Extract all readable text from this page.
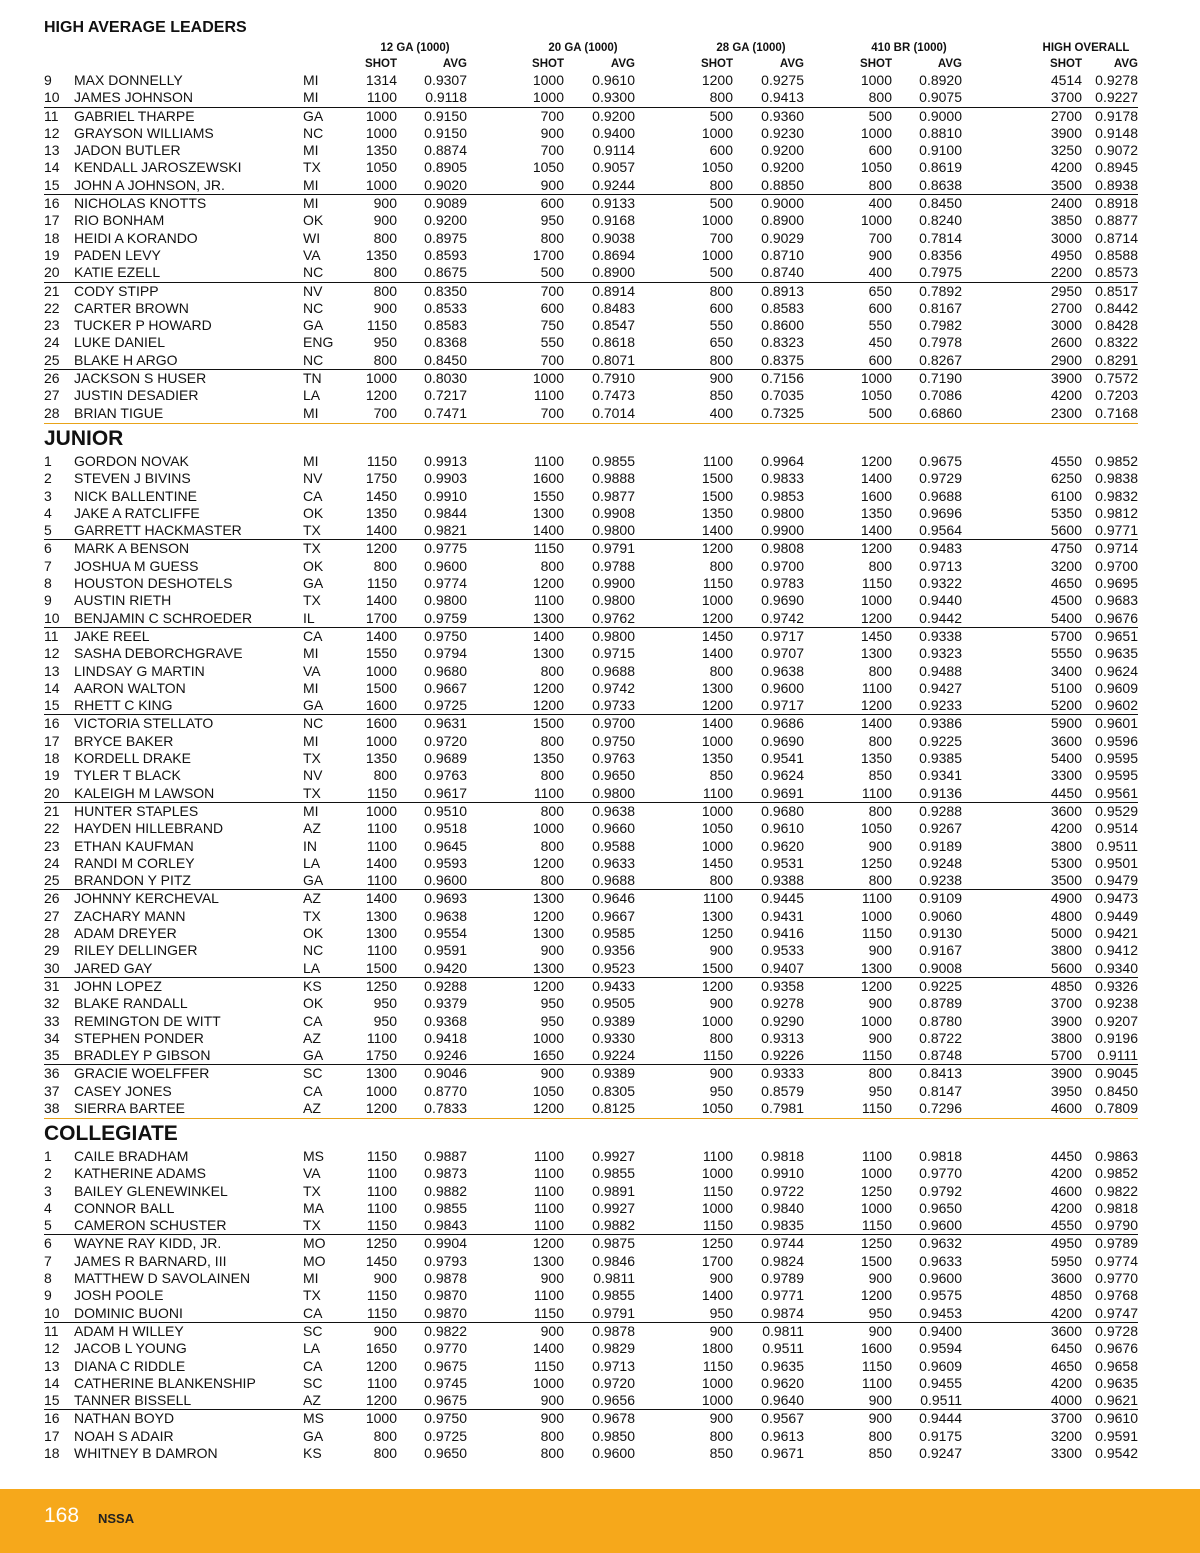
HIGH AVERAGE LEADERS
12 GA (1000)	20 GA (1000)	28 GA (1000)	410 BR (1000)	HIGH OVERALL
SHOT	AVG	SHOT	AVG	SHOT	AVG	SHOT	AVG	SHOT	AVG
9 MAX DONNELLY	MI	1314	0.9307	1000	0.9610	1200	0.9275	1000	0.8920	4514 0.9278
10 JAMES JOHNSON	MI	1100	0.9118	1000	0.9300	800	0.9413	800	0.9075	3700 0.9227
11 GABRIEL THARPE	GA	1000	0.9150	700	0.9200	500	0.9360	500	0.9000	2700 0.9178
12 GRAYSON WILLIAMS	NC	1000	0.9150	900	0.9400	1000	0.9230	1000	0.8810	3900 0.9148
13 JADON BUTLER	MI	1350	0.8874	700	0.9114	600	0.9200	600	0.9100	3250 0.9072
14 KENDALL JAROSZEWSKI	TX	1050	0.8905	1050	0.9057	1050	0.9200	1050	0.8619	4200 0.8945
15 JOHN A JOHNSON, JR.	MI	1000	0.9020	900	0.9244	800	0.8850	800	0.8638	3500 0.8938
16 NICHOLAS KNOTTS	MI	900	0.9089	600	0.9133	500	0.9000	400	0.8450	2400 0.8918
17 RIO BONHAM	OK	900	0.9200	950	0.9168	1000	0.8900	1000	0.8240	3850 0.8877
18 HEIDI A KORANDO	WI	800	0.8975	800	0.9038	700	0.9029	700	0.7814	3000 0.8714
19 PADEN LEVY	VA	1350	0.8593	1700	0.8694	1000	0.8710	900	0.8356	4950 0.8588
20 KATIE EZELL	NC	800	0.8675	500	0.8900	500	0.8740	400	0.7975	2200 0.8573
21 CODY STIPP	NV	800	0.8350	700	0.8914	800	0.8913	650	0.7892	2950 0.8517
22 CARTER BROWN	NC	900	0.8533	600	0.8483	600	0.8583	600	0.8167	2700 0.8442
23 TUCKER P HOWARD	GA	1150	0.8583	750	0.8547	550	0.8600	550	0.7982	3000 0.8428
24 LUKE DANIEL	ENG	950	0.8368	550	0.8618	650	0.8323	450	0.7978	2600 0.8322
25 BLAKE H ARGO	NC	800	0.8450	700	0.8071	800	0.8375	600	0.8267	2900 0.8291
26 JACKSON S HUSER	TN	1000	0.8030	1000	0.7910	900	0.7156	1000	0.7190	3900 0.7572
27 JUSTIN DESADIER	LA	1200	0.7217	1100	0.7473	850	0.7035	1050	0.7086	4200 0.7203
28 BRIAN TIGUE	MI	700	0.7471	700	0.7014	400	0.7325	500	0.6860	2300 0.7168
JUNIOR
1 GORDON NOVAK	MI	1150	0.9913	1100	0.9855	1100	0.9964	1200	0.9675	4550 0.9852
2 STEVEN J BIVINS	NV	1750	0.9903	1600	0.9888	1500	0.9833	1400	0.9729	6250 0.9838
3 NICK BALLENTINE	CA	1450	0.9910	1550	0.9877	1500	0.9853	1600	0.9688	6100 0.9832
4 JAKE A RATCLIFFE	OK	1350	0.9844	1300	0.9908	1350	0.9800	1350	0.9696	5350 0.9812
5 GARRETT HACKMASTER	TX	1400	0.9821	1400	0.9800	1400	0.9900	1400	0.9564	5600 0.9771
6 MARK A BENSON	TX	1200	0.9775	1150	0.9791	1200	0.9808	1200	0.9483	4750 0.9714
7 JOSHUA M GUESS	OK	800	0.9600	800	0.9788	800	0.9700	800	0.9713	3200 0.9700
8 HOUSTON DESHOTELS	GA	1150	0.9774	1200	0.9900	1150	0.9783	1150	0.9322	4650 0.9695
9 AUSTIN RIETH	TX	1400	0.9800	1100	0.9800	1000	0.9690	1000	0.9440	4500 0.9683
10 BENJAMIN C SCHROEDER	IL	1700	0.9759	1300	0.9762	1200	0.9742	1200	0.9442	5400 0.9676
11 JAKE REEL	CA	1400	0.9750	1400	0.9800	1450	0.9717	1450	0.9338	5700 0.9651
12 SASHA DEBORCHGRAVE	MI	1550	0.9794	1300	0.9715	1400	0.9707	1300	0.9323	5550 0.9635
13 LINDSAY G MARTIN	VA	1000	0.9680	800	0.9688	800	0.9638	800	0.9488	3400 0.9624
14 AARON WALTON	MI	1500	0.9667	1200	0.9742	1300	0.9600	1100	0.9427	5100 0.9609
15 RHETT C KING	GA	1600	0.9725	1200	0.9733	1200	0.9717	1200	0.9233	5200 0.9602
16 VICTORIA STELLATO	NC	1600	0.9631	1500	0.9700	1400	0.9686	1400	0.9386	5900 0.9601
17 BRYCE BAKER	MI	1000	0.9720	800	0.9750	1000	0.9690	800	0.9225	3600 0.9596
18 KORDELL DRAKE	TX	1350	0.9689	1350	0.9763	1350	0.9541	1350	0.9385	5400 0.9595
19 TYLER T BLACK	NV	800	0.9763	800	0.9650	850	0.9624	850	0.9341	3300 0.9595
20 KALEIGH M LAWSON	TX	1150	0.9617	1100	0.9800	1100	0.9691	1100	0.9136	4450 0.9561
21 HUNTER STAPLES	MI	1000	0.9510	800	0.9638	1000	0.9680	800	0.9288	3600 0.9529
22 HAYDEN HILLEBRAND	AZ	1100	0.9518	1000	0.9660	1050	0.9610	1050	0.9267	4200 0.9514
23 ETHAN KAUFMAN	IN	1100	0.9645	800	0.9588	1000	0.9620	900	0.9189	3800	0.9511
24 RANDI M CORLEY	LA	1400	0.9593	1200	0.9633	1450	0.9531	1250	0.9248	5300 0.9501
25 BRANDON Y PITZ	GA	1100	0.9600	800	0.9688	800	0.9388	800	0.9238	3500 0.9479
26 JOHNNY KERCHEVAL	AZ	1400	0.9693	1300	0.9646	1100	0.9445	1100	0.9109	4900 0.9473
27 ZACHARY MANN	TX	1300	0.9638	1200	0.9667	1300	0.9431	1000	0.9060	4800 0.9449
28 ADAM DREYER	OK	1300	0.9554	1300	0.9585	1250	0.9416	1150	0.9130	5000 0.9421
29 RILEY DELLINGER	NC	1100	0.9591	900	0.9356	900	0.9533	900	0.9167	3800 0.9412
30 JARED GAY	LA	1500	0.9420	1300	0.9523	1500	0.9407	1300	0.9008	5600 0.9340
31 JOHN LOPEZ	KS	1250	0.9288	1200	0.9433	1200	0.9358	1200	0.9225	4850 0.9326
32 BLAKE RANDALL	OK	950	0.9379	950	0.9505	900	0.9278	900	0.8789	3700 0.9238
33 REMINGTON DE WITT	CA	950	0.9368	950	0.9389	1000	0.9290	1000	0.8780	3900 0.9207
34 STEPHEN PONDER	AZ	1100	0.9418	1000	0.9330	800	0.9313	900	0.8722	3800 0.9196
35 BRADLEY P GIBSON	GA	1750	0.9246	1650	0.9224	1150	0.9226	1150	0.8748	5700	0.9111
36 GRACIE WOELFFER	SC	1300	0.9046	900	0.9389	900	0.9333	800	0.8413	3900 0.9045
37 CASEY JONES	CA	1000	0.8770	1050	0.8305	950	0.8579	950	0.8147	3950 0.8450
38 SIERRA BARTEE	AZ	1200	0.7833	1200	0.8125	1050	0.7981	1150	0.7296	4600 0.7809
COLLEGIATE
1 CAILE BRADHAM	MS	1150	0.9887	1100	0.9927	1100	0.9818	1100	0.9818	4450 0.9863
2 KATHERINE ADAMS	VA	1100	0.9873	1100	0.9855	1000	0.9910	1000	0.9770	4200 0.9852
3 BAILEY GLENEWINKEL	TX	1100	0.9882	1100	0.9891	1150	0.9722	1250	0.9792	4600 0.9822
4 CONNOR BALL	MA	1100	0.9855	1100	0.9927	1000	0.9840	1000	0.9650	4200 0.9818
5 CAMERON SCHUSTER	TX	1150	0.9843	1100	0.9882	1150	0.9835	1150	0.9600	4550 0.9790
6 WAYNE RAY KIDD, JR.	MO	1250	0.9904	1200	0.9875	1250	0.9744	1250	0.9632	4950 0.9789
7 JAMES R BARNARD, III	MO	1450	0.9793	1300	0.9846	1700	0.9824	1500	0.9633	5950 0.9774
8 MATTHEW D SAVOLAINEN	MI	900	0.9878	900	0.9811	900	0.9789	900	0.9600	3600 0.9770
9 JOSH POOLE	TX	1150	0.9870	1100	0.9855	1400	0.9771	1200	0.9575	4850 0.9768
10 DOMINIC BUONI	CA	1150	0.9870	1150	0.9791	950	0.9874	950	0.9453	4200 0.9747
11 ADAM H WILLEY	SC	900	0.9822	900	0.9878	900	0.9811	900	0.9400	3600 0.9728
12 JACOB L YOUNG	LA	1650	0.9770	1400	0.9829	1800	0.9511	1600	0.9594	6450 0.9676
13 DIANA C RIDDLE	CA	1200	0.9675	1150	0.9713	1150	0.9635	1150	0.9609	4650 0.9658
14 CATHERINE BLANKENSHIP	SC	1100	0.9745	1000	0.9720	1000	0.9620	1100	0.9455	4200 0.9635
15 TANNER BISSELL	AZ	1200	0.9675	900	0.9656	1000	0.9640	900	0.9511	4000 0.9621
16 NATHAN BOYD	MS	1000	0.9750	900	0.9678	900	0.9567	900	0.9444	3700 0.9610
17 NOAH S ADAIR	GA	800	0.9725	800	0.9850	800	0.9613	800	0.9175	3200 0.9591
18 WHITNEY B DAMRON	KS	800	0.9650	800	0.9600	850	0.9671	850	0.9247	3300 0.9542
168 NSSA
